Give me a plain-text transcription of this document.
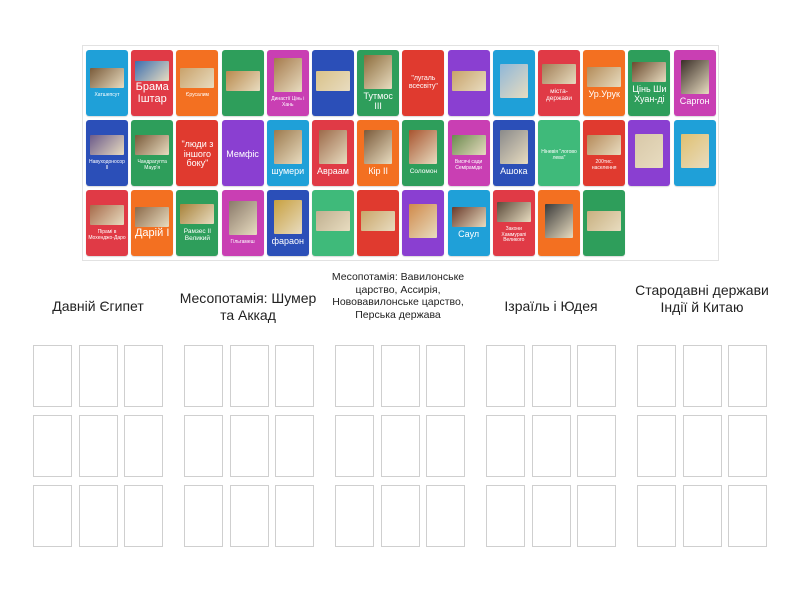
Хатшепсут
Брама Іштар	Єрусалим
Династії Цінь і Хань
Тутмос III
"лугаль всесвіту"
міста-держави	Ур.Урук Цінь Ши Хуан-ді	Саргон
Навуходоносор II
Чандрагупта Маур'я
"люди з іншого боку"
Мемфіс
шумери Авраам Кір II	Соломон
Висячі сади Семіраміди	Ашока
Ніневія "логово лева"
200тис. населення
Пірамі в Мохенджо-Даро Дарій I	Рамзес II Великий	Гільгамеш фараон
Саул	Закони Хаммурапі Великого
Давній Єгипет	Месопотамія: Шумер та Аккад
Месопотамія: Вавилонське царство, Ассирія, Нововавилонське царство, Перська держава
Ізраїль і Юдея
Стародавні держави Індії й Китаю
